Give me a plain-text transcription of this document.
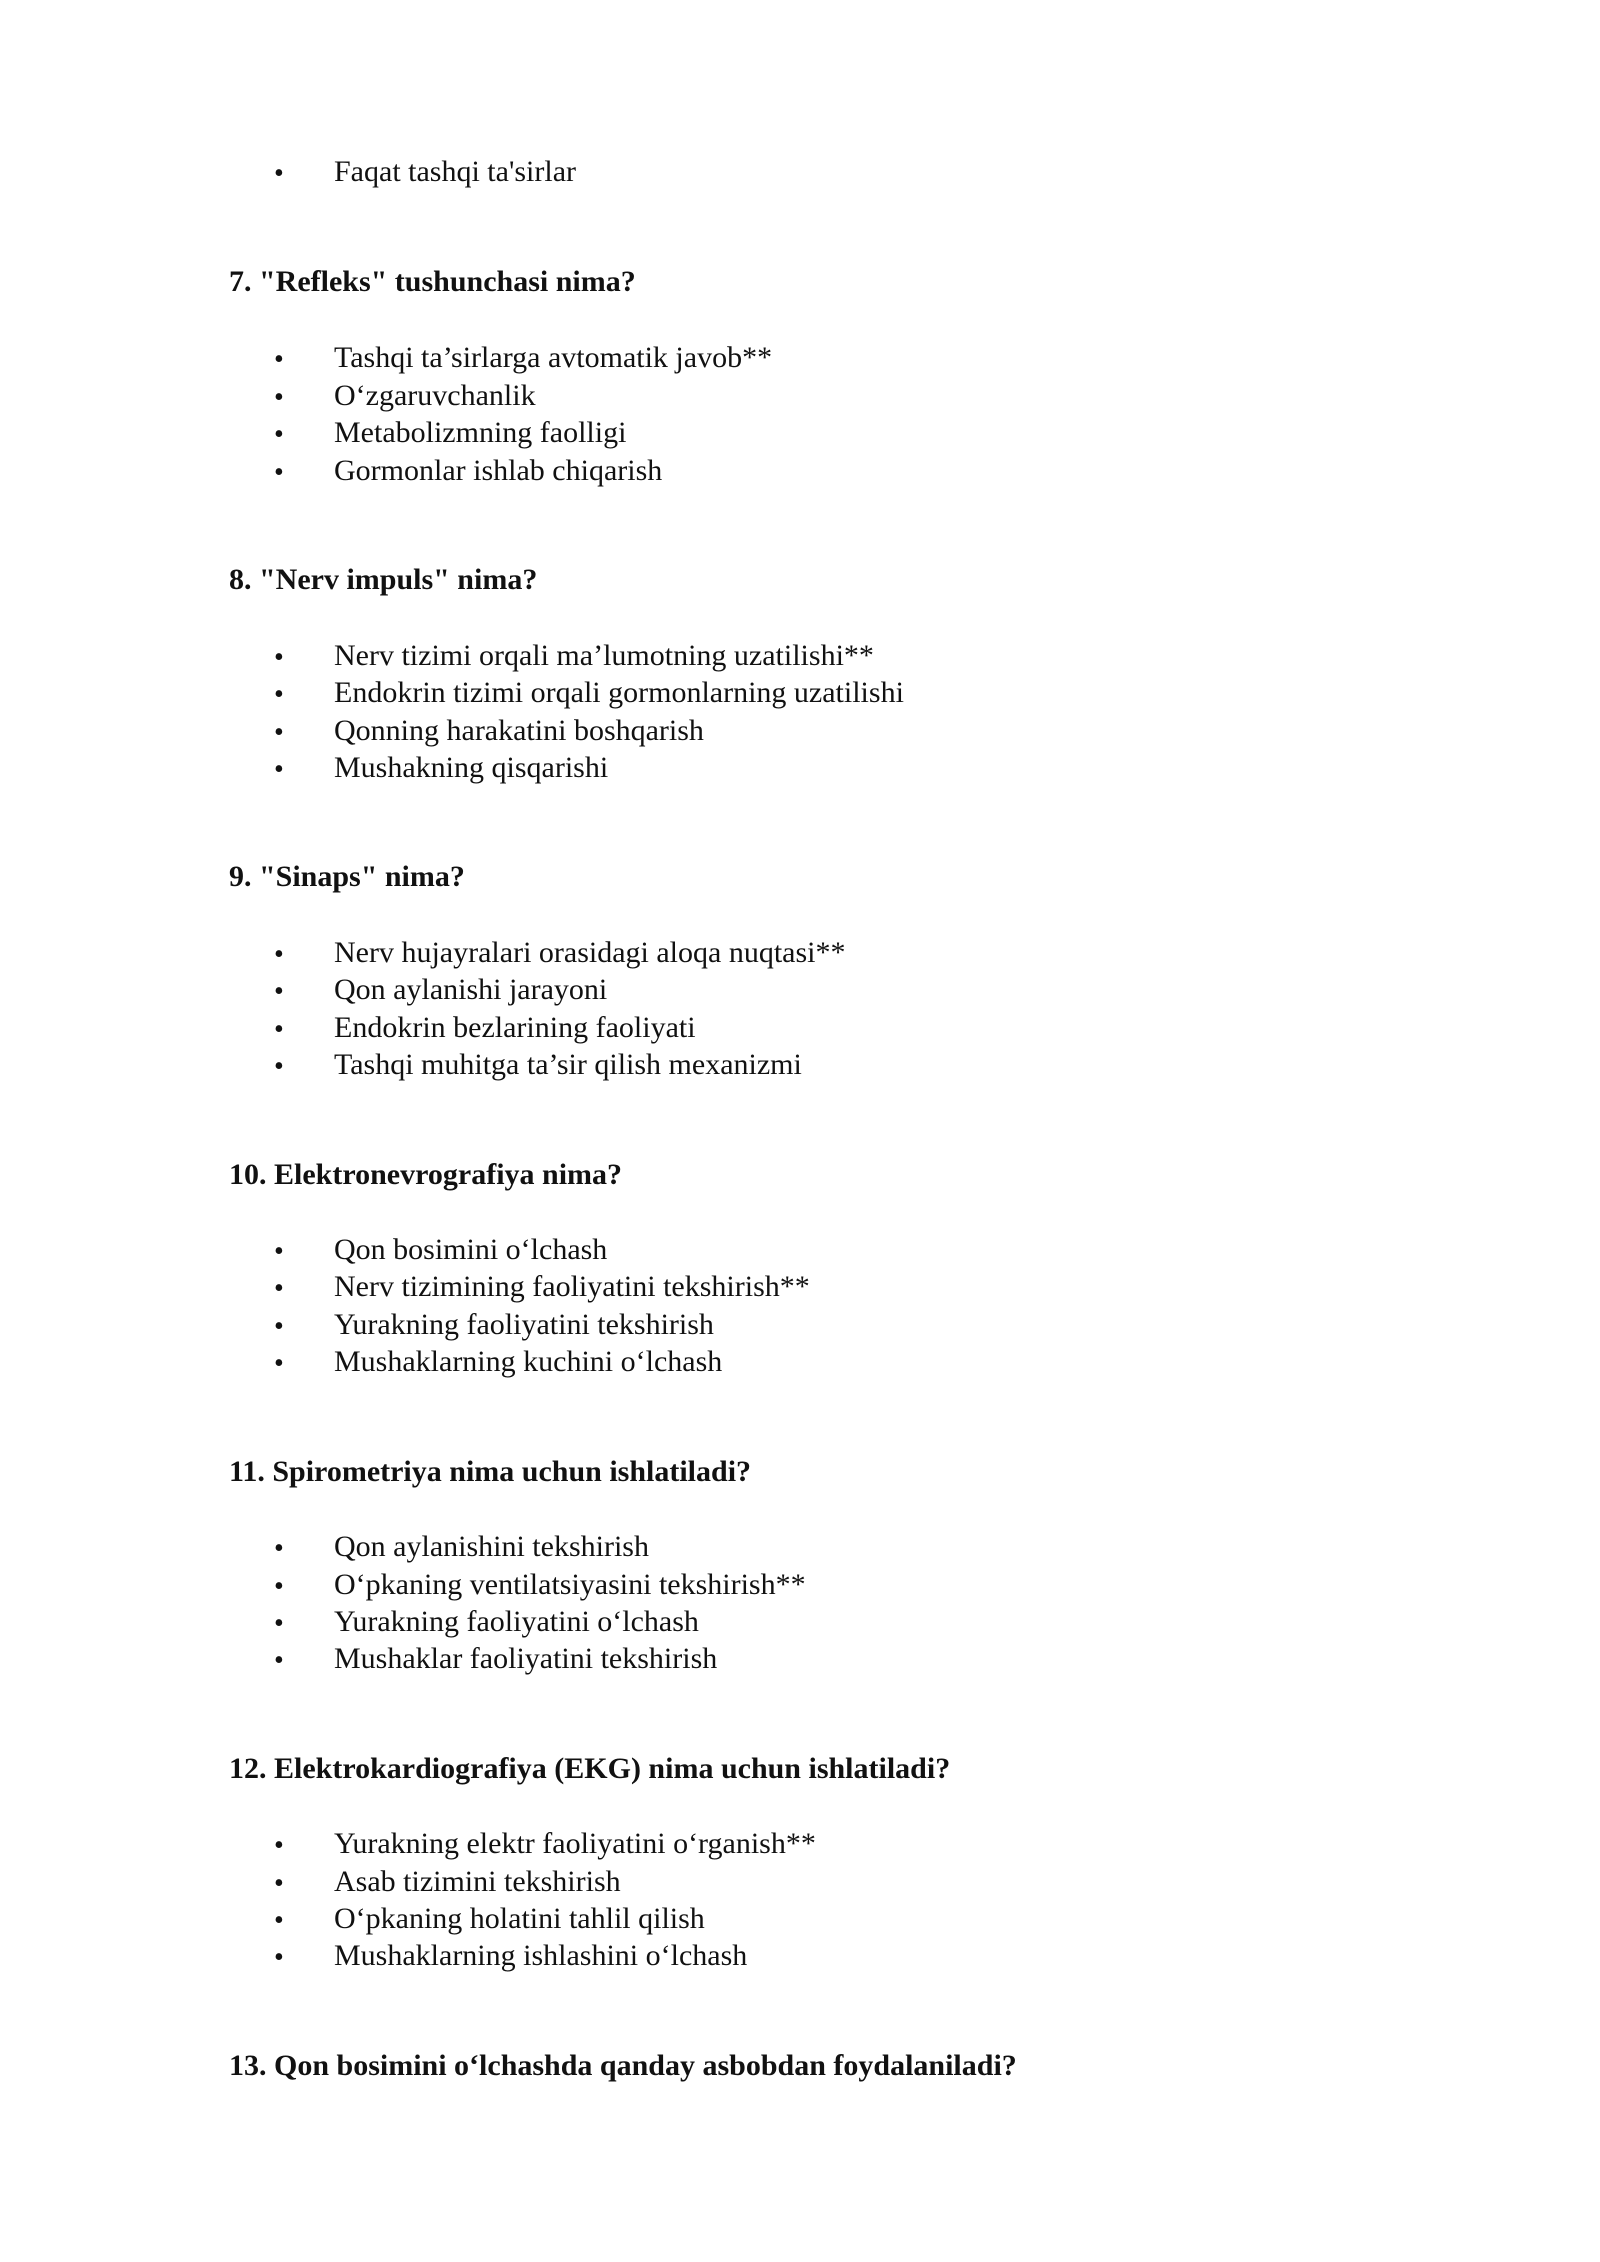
• Faqat tashqi ta'sirlar
7. "Refleks" tushunchasi nima?
• Tashqi ta’sirlarga avtomatik javob**
• O‘zgaruvchanlik
• Metabolizmning faolligi
• Gormonlar ishlab chiqarish
8. "Nerv impuls" nima?
• Nerv tizimi orqali ma’lumotning uzatilishi**
• Endokrin tizimi orqali gormonlarning uzatilishi
• Qonning harakatini boshqarish
• Mushakning qisqarishi
9. "Sinaps" nima?
• Nerv hujayralari orasidagi aloqa nuqtasi**
• Qon aylanishi jarayoni
• Endokrin bezlarining faoliyati
• Tashqi muhitga ta’sir qilish mexanizmi
10. Elektronevrografiya nima?
• Qon bosimini o‘lchash
• Nerv tizimining faoliyatini tekshirish**
• Yurakning faoliyatini tekshirish
• Mushaklarning kuchini o‘lchash
11. Spirometriya nima uchun ishlatiladi?
• Qon aylanishini tekshirish
• O‘pkaning ventilatsiyasini tekshirish**
• Yurakning faoliyatini o‘lchash
• Mushaklar faoliyatini tekshirish
12. Elektrokardiografiya (EKG) nima uchun ishlatiladi?
• Yurakning elektr faoliyatini o‘rganish**
• Asab tizimini tekshirish
• O‘pkaning holatini tahlil qilish
• Mushaklarning ishlashini o‘lchash
13. Qon bosimini o‘lchashda qanday asbobdan foydalaniladi?
